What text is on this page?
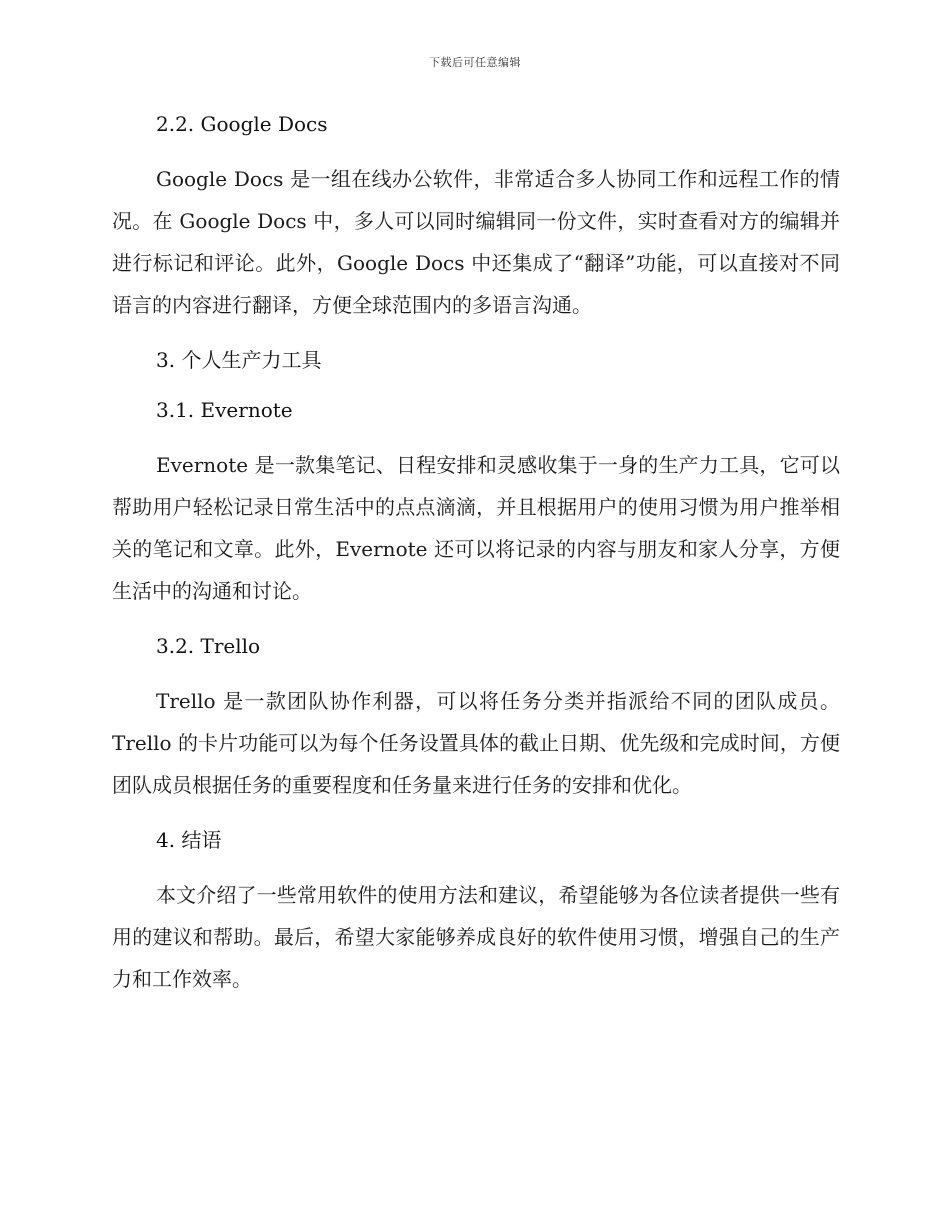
下载后可任意编辑
2.2. Google Docs

Google Docs 是一组在线办公软件，非常适合多人协同工作和远程工作的情况。在 Google Docs 中，多人可以同时编辑同一份文件，实时查看对方的编辑并进行标记和评论。此外，Google Docs 中还集成了“翻译”功能，可以直接对不同语言的内容进行翻译，方便全球范围内的多语言沟通。

3. 个人生产力工具
3.1. Evernote

Evernote 是一款集笔记、日程安排和灵感收集于一身的生产力工具，它可以帮助用户轻松记录日常生活中的点点滴滴，并且根据用户的使用习惯为用户推举相关的笔记和文章。此外，Evernote 还可以将记录的内容与朋友和家人分享，方便生活中的沟通和讨论。

3.2. Trello

Trello 是一款团队协作利器，可以将任务分类并指派给不同的团队成员。Trello 的卡片功能可以为每个任务设置具体的截止日期、优先级和完成时间，方便团队成员根据任务的重要程度和任务量来进行任务的安排和优化。

4. 结语

本文介绍了一些常用软件的使用方法和建议，希望能够为各位读者提供一些有用的建议和帮助。最后，希望大家能够养成良好的软件使用习惯，增强自己的生产力和工作效率。
